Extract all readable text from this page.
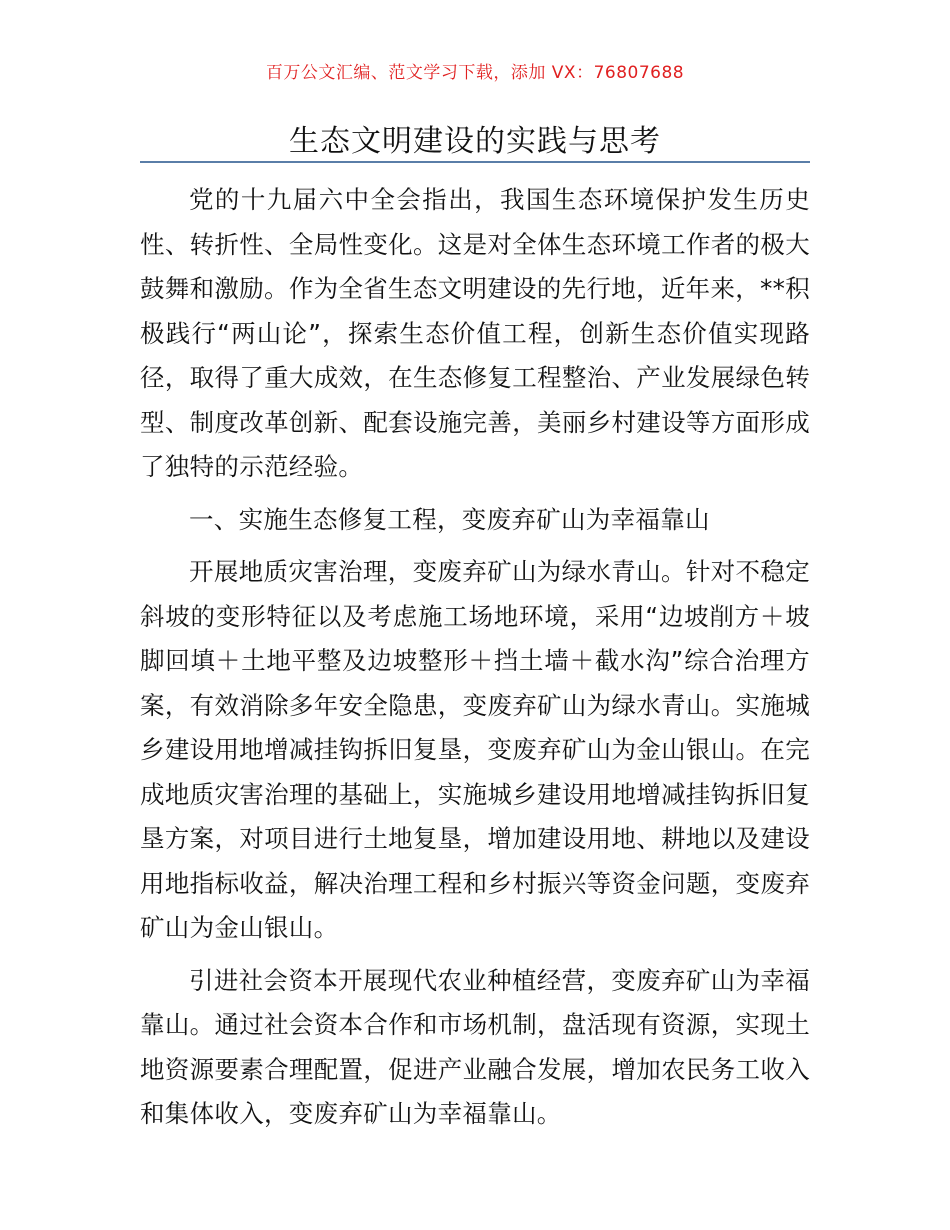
百万公文汇编、范文学习下载，添加 VX：76807688
生态文明建设的实践与思考

党的十九届六中全会指出，我国生态环境保护发生历史性、转折性、全局性变化。这是对全体生态环境工作者的极大鼓舞和激励。作为全省生态文明建设的先行地，近年来，**积极践行“两山论”，探索生态价值工程，创新生态价值实现路径，取得了重大成效，在生态修复工程整治、产业发展绿色转型、制度改革创新、配套设施完善，美丽乡村建设等方面形成了独特的示范经验。

一、实施生态修复工程，变废弃矿山为幸福靠山

开展地质灾害治理，变废弃矿山为绿水青山。针对不稳定斜坡的变形特征以及考虑施工场地环境，采用“边坡削方＋坡脚回填＋土地平整及边坡整形＋挡土墙＋截水沟”综合治理方案，有效消除多年安全隐患，变废弃矿山为绿水青山。实施城乡建设用地增减挂钩拆旧复垦，变废弃矿山为金山银山。在完成地质灾害治理的基础上，实施城乡建设用地增减挂钩拆旧复垦方案，对项目进行土地复垦，增加建设用地、耕地以及建设用地指标收益，解决治理工程和乡村振兴等资金问题，变废弃矿山为金山银山。

引进社会资本开展现代农业种植经营，变废弃矿山为幸福靠山。通过社会资本合作和市场机制，盘活现有资源，实现土地资源要素合理配置，促进产业融合发展，增加农民务工收入和集体收入，变废弃矿山为幸福靠山。
